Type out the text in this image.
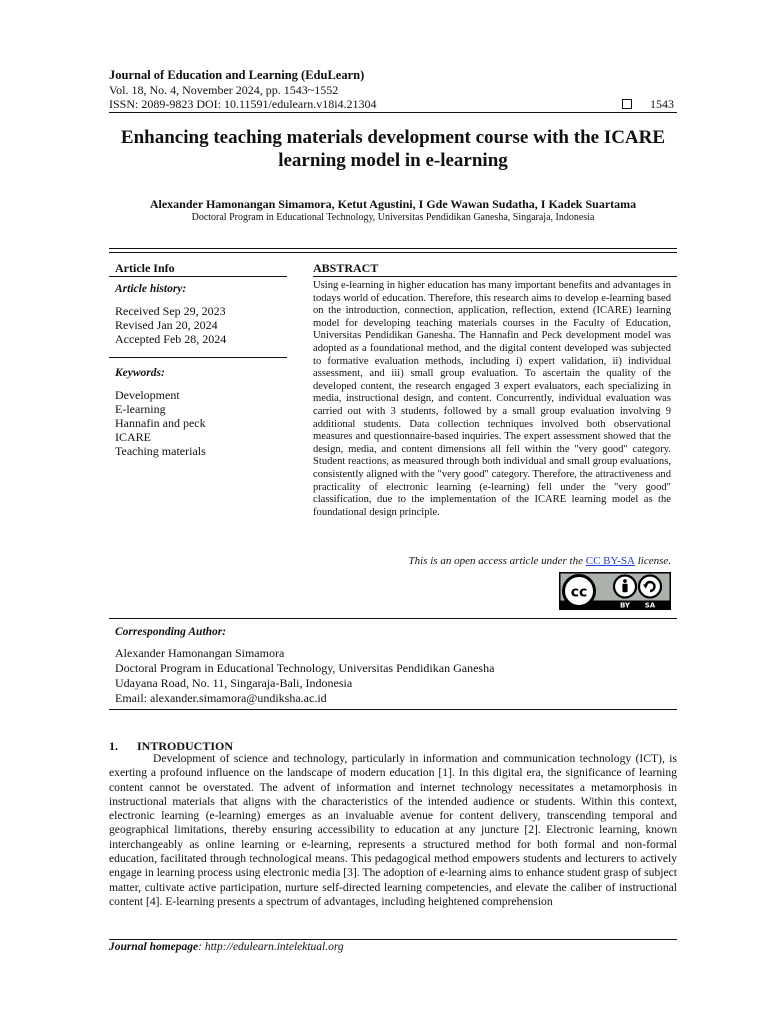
Journal of Education and Learning (EduLearn)
Vol. 18, No. 4, November 2024, pp. 1543~1552
ISSN: 2089-9823 DOI: 10.11591/edulearn.v18i4.21304	1543
Enhancing teaching materials development course with the ICARE learning model in e-learning
Alexander Hamonangan Simamora, Ketut Agustini, I Gde Wawan Sudatha, I Kadek Suartama
Doctoral Program in Educational Technology, Universitas Pendidikan Ganesha, Singaraja, Indonesia
Article Info	ABSTRACT
Article history:
Received Sep 29, 2023
Revised Jan 20, 2024
Accepted Feb 28, 2024
Keywords:
Development
E-learning
Hannafin and peck
ICARE
Teaching materials
Using e-learning in higher education has many important benefits and advantages in todays world of education. Therefore, this research aims to develop e-learning based on the introduction, connection, application, reflection, extend (ICARE) learning model for developing teaching materials courses in the Faculty of Education, Universitas Pendidikan Ganesha. The Hannafin and Peck development model was adopted as a foundational method, and the digital content developed was subjected to formative evaluation methods, including i) expert validation, ii) individual assessment, and iii) small group evaluation. To ascertain the quality of the developed content, the research engaged 3 expert evaluators, each specializing in media, instructional design, and content. Concurrently, individual evaluation was carried out with 3 students, followed by a small group evaluation involving 9 additional students. Data collection techniques involved both observational measures and questionnaire-based inquiries. The expert assessment showed that the design, media, and content dimensions all fell within the "very good" category. Student reactions, as measured through both individual and small group evaluations, consistently aligned with the "very good" category. Therefore, the attractiveness and practicality of electronic learning (e-learning) fell under the "very good" classification, due to the implementation of the ICARE learning model as the foundational design principle.
This is an open access article under the CC BY-SA license.
cc
BY SA
Corresponding Author:
Alexander Hamonangan Simamora
Doctoral Program in Educational Technology, Universitas Pendidikan Ganesha
Udayana Road, No. 11, Singaraja-Bali, Indonesia
Email: alexander.simamora@undiksha.ac.id
1. INTRODUCTION
Development of science and technology, particularly in information and communication technology (ICT), is exerting a profound influence on the landscape of modern education [1]. In this digital era, the significance of learning content cannot be overstated. The advent of information and internet technology necessitates a metamorphosis in instructional materials that aligns with the characteristics of the intended audience or students. Within this context, electronic learning (e-learning) emerges as an invaluable avenue for content delivery, transcending temporal and geographical limitations, thereby ensuring accessibility to education at any juncture [2]. Electronic learning, known interchangeably as online learning or e-learning, represents a structured method for both formal and non-formal education, facilitated through technological means. This pedagogical method empowers students and lecturers to actively engage in learning process using electronic media [3]. The adoption of e-learning aims to enhance student grasp of subject matter, cultivate active participation, nurture self-directed learning competencies, and elevate the caliber of instructional content [4]. E-learning presents a spectrum of advantages, including heightened comprehension
Journal homepage: http://edulearn.intelektual.org
